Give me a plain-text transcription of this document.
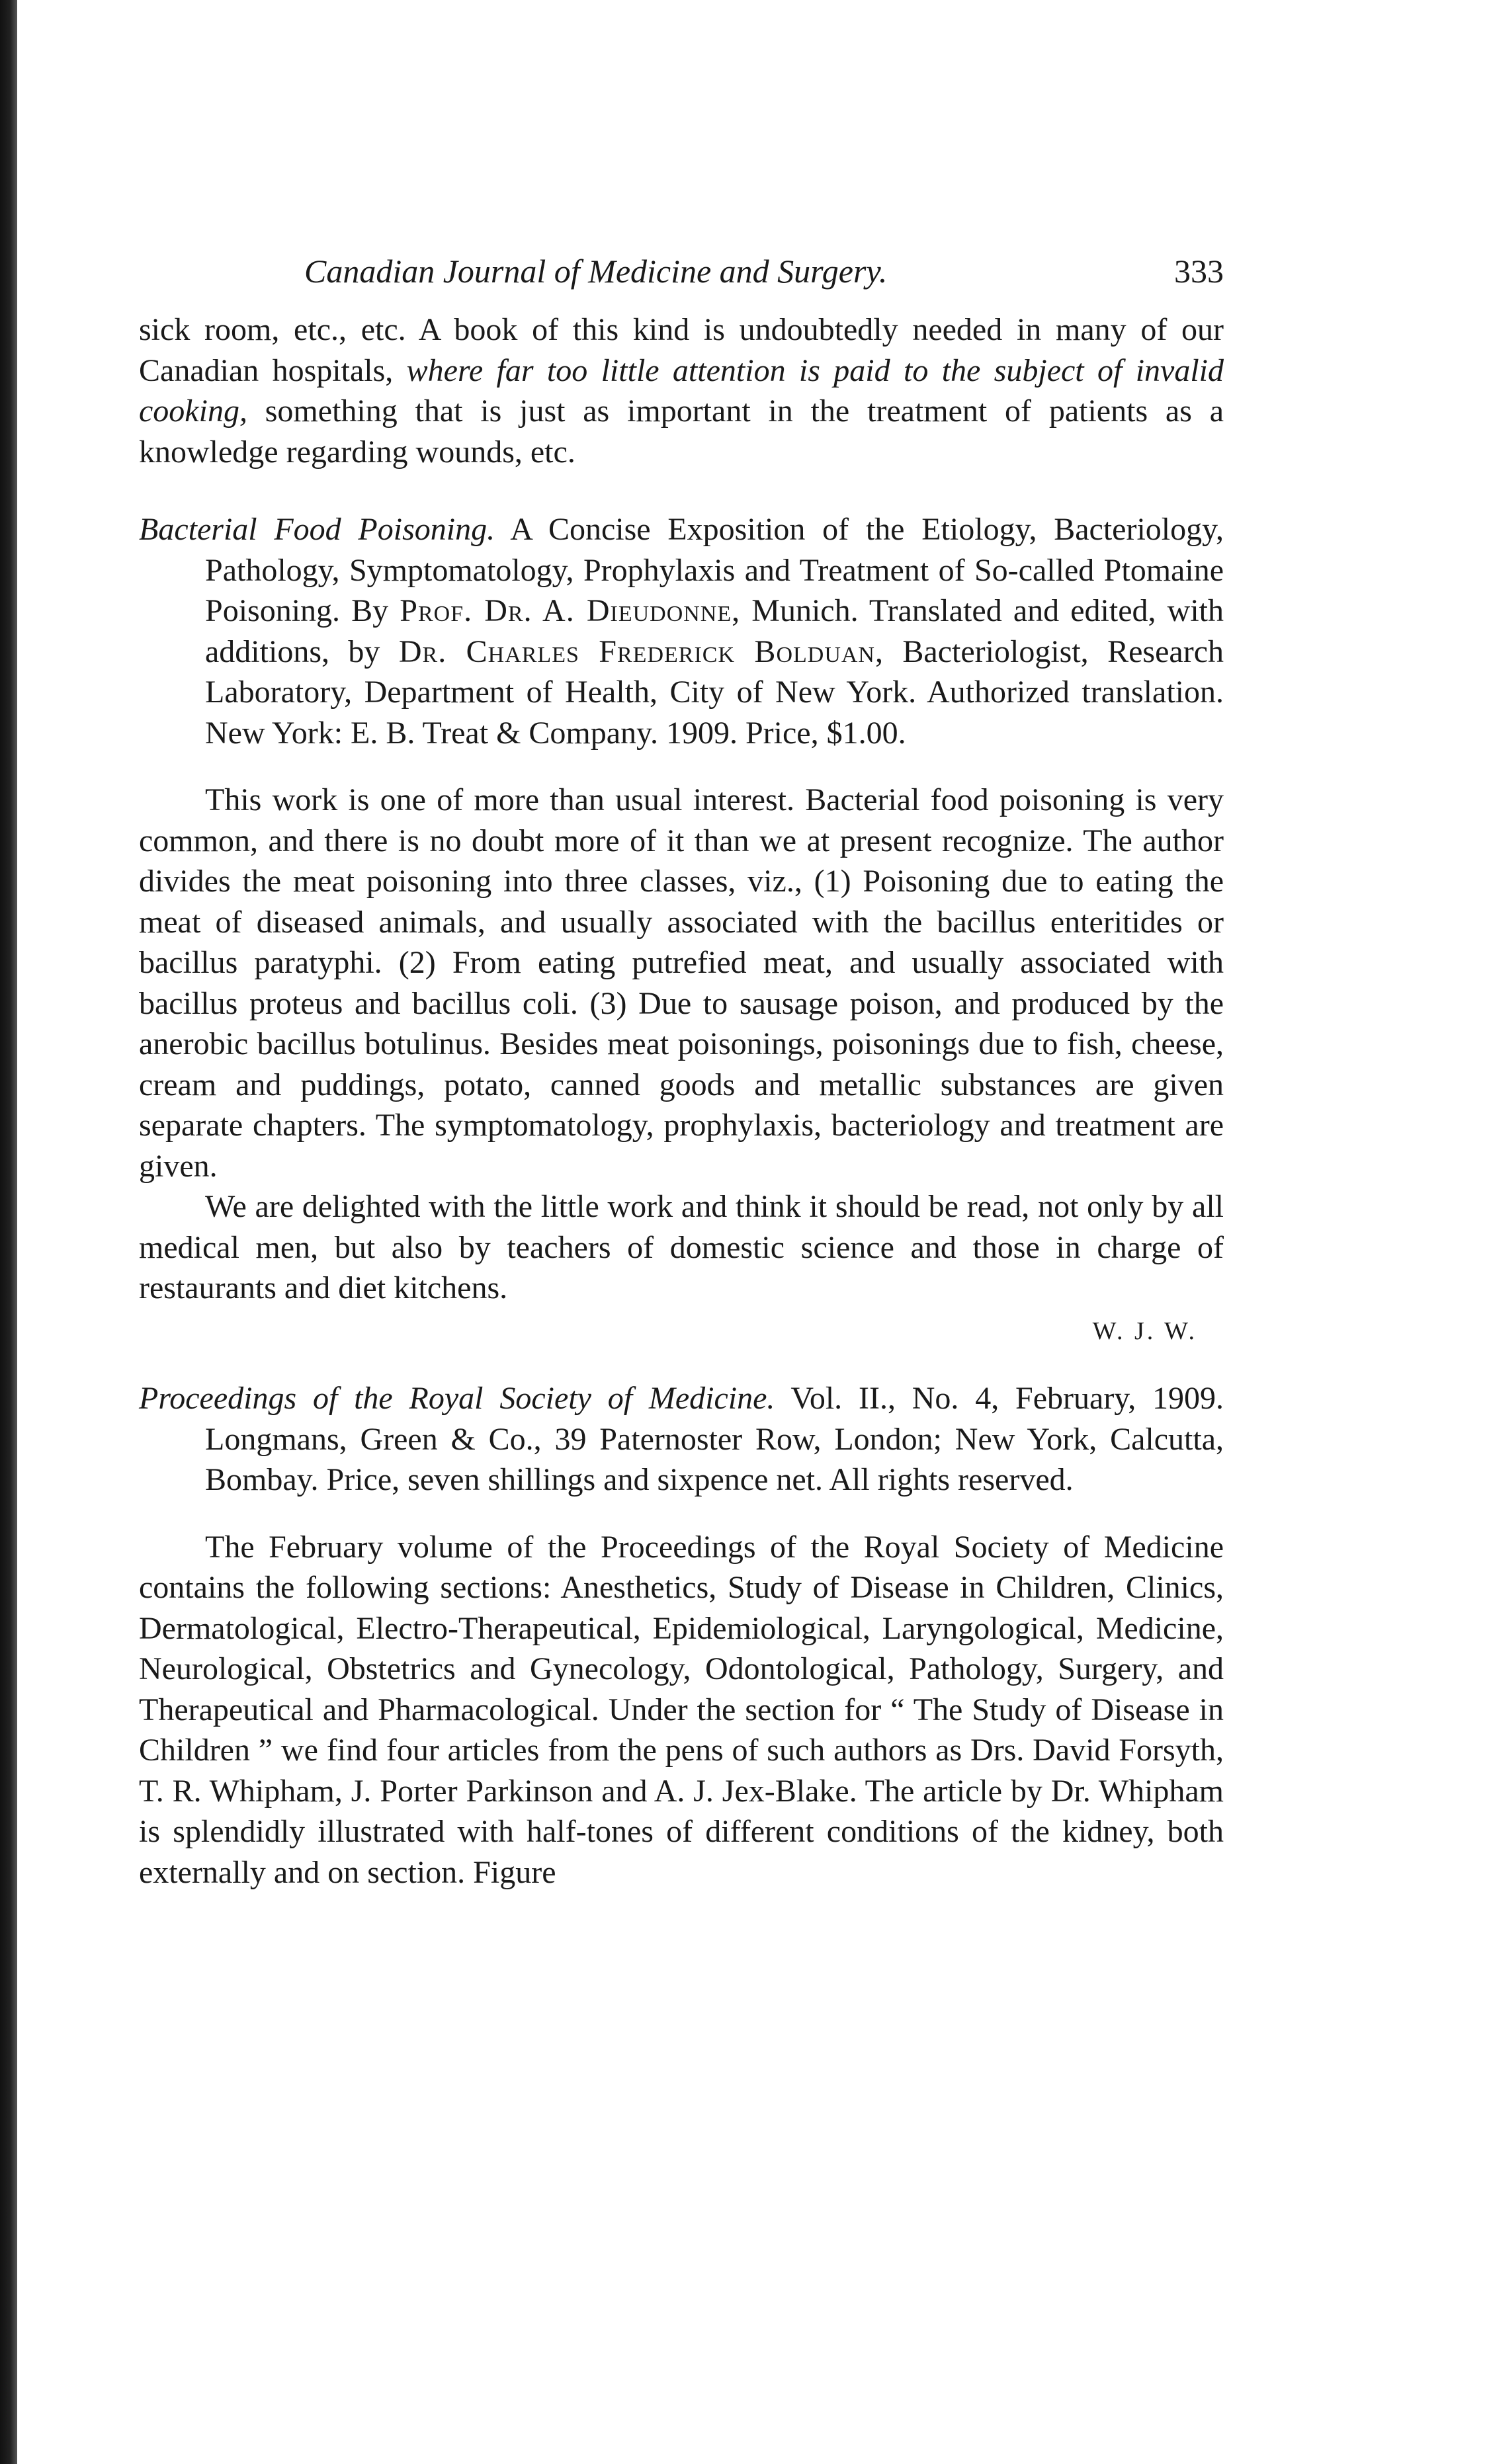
Canadian Journal of Medicine and Surgery.	333

sick room, etc., etc. A book of this kind is undoubtedly needed in many of our Canadian hospitals, where far too little attention is paid to the subject of invalid cooking, something that is just as important in the treatment of patients as a knowledge regarding wounds, etc.

Bacterial Food Poisoning. A Concise Exposition of the Etiology, Bacteriology, Pathology, Symptomatology, Prophylaxis and Treatment of So-called Ptomaine Poisoning. By Prof. Dr. A. Dieudonne, Munich. Translated and edited, with additions, by Dr. Charles Frederick Bolduan, Bacteriologist, Research Laboratory, Department of Health, City of New York. Authorized translation. New York: E. B. Treat & Company. 1909. Price, $1.00.

This work is one of more than usual interest. Bacterial food poisoning is very common, and there is no doubt more of it than we at present recognize. The author divides the meat poisoning into three classes, viz., (1) Poisoning due to eating the meat of diseased animals, and usually associated with the bacillus enteritides or bacillus paratyphi. (2) From eating putrefied meat, and usually associated with bacillus proteus and bacillus coli. (3) Due to sausage poison, and produced by the anerobic bacillus botulinus. Besides meat poisonings, poisonings due to fish, cheese, cream and puddings, potato, canned goods and metallic substances are given separate chapters. The symptomatology, prophylaxis, bacteriology and treatment are given.

We are delighted with the little work and think it should be read, not only by all medical men, but also by teachers of domestic science and those in charge of restaurants and diet kitchens.

W. J. W.

Proceedings of the Royal Society of Medicine. Vol. II., No. 4, February, 1909. Longmans, Green & Co., 39 Paternoster Row, London; New York, Calcutta, Bombay. Price, seven shillings and sixpence net. All rights reserved.

The February volume of the Proceedings of the Royal Society of Medicine contains the following sections: Anesthetics, Study of Disease in Children, Clinics, Dermatological, Electro-Therapeutical, Epidemiological, Laryngological, Medicine, Neurological, Obstetrics and Gynecology, Odontological, Pathology, Surgery, and Therapeutical and Pharmacological. Under the section for “ The Study of Disease in Children ” we find four articles from the pens of such authors as Drs. David Forsyth, T. R. Whipham, J. Porter Parkinson and A. J. Jex-Blake. The article by Dr. Whipham is splendidly illustrated with half-tones of different conditions of the kidney, both externally and on section. Figure
